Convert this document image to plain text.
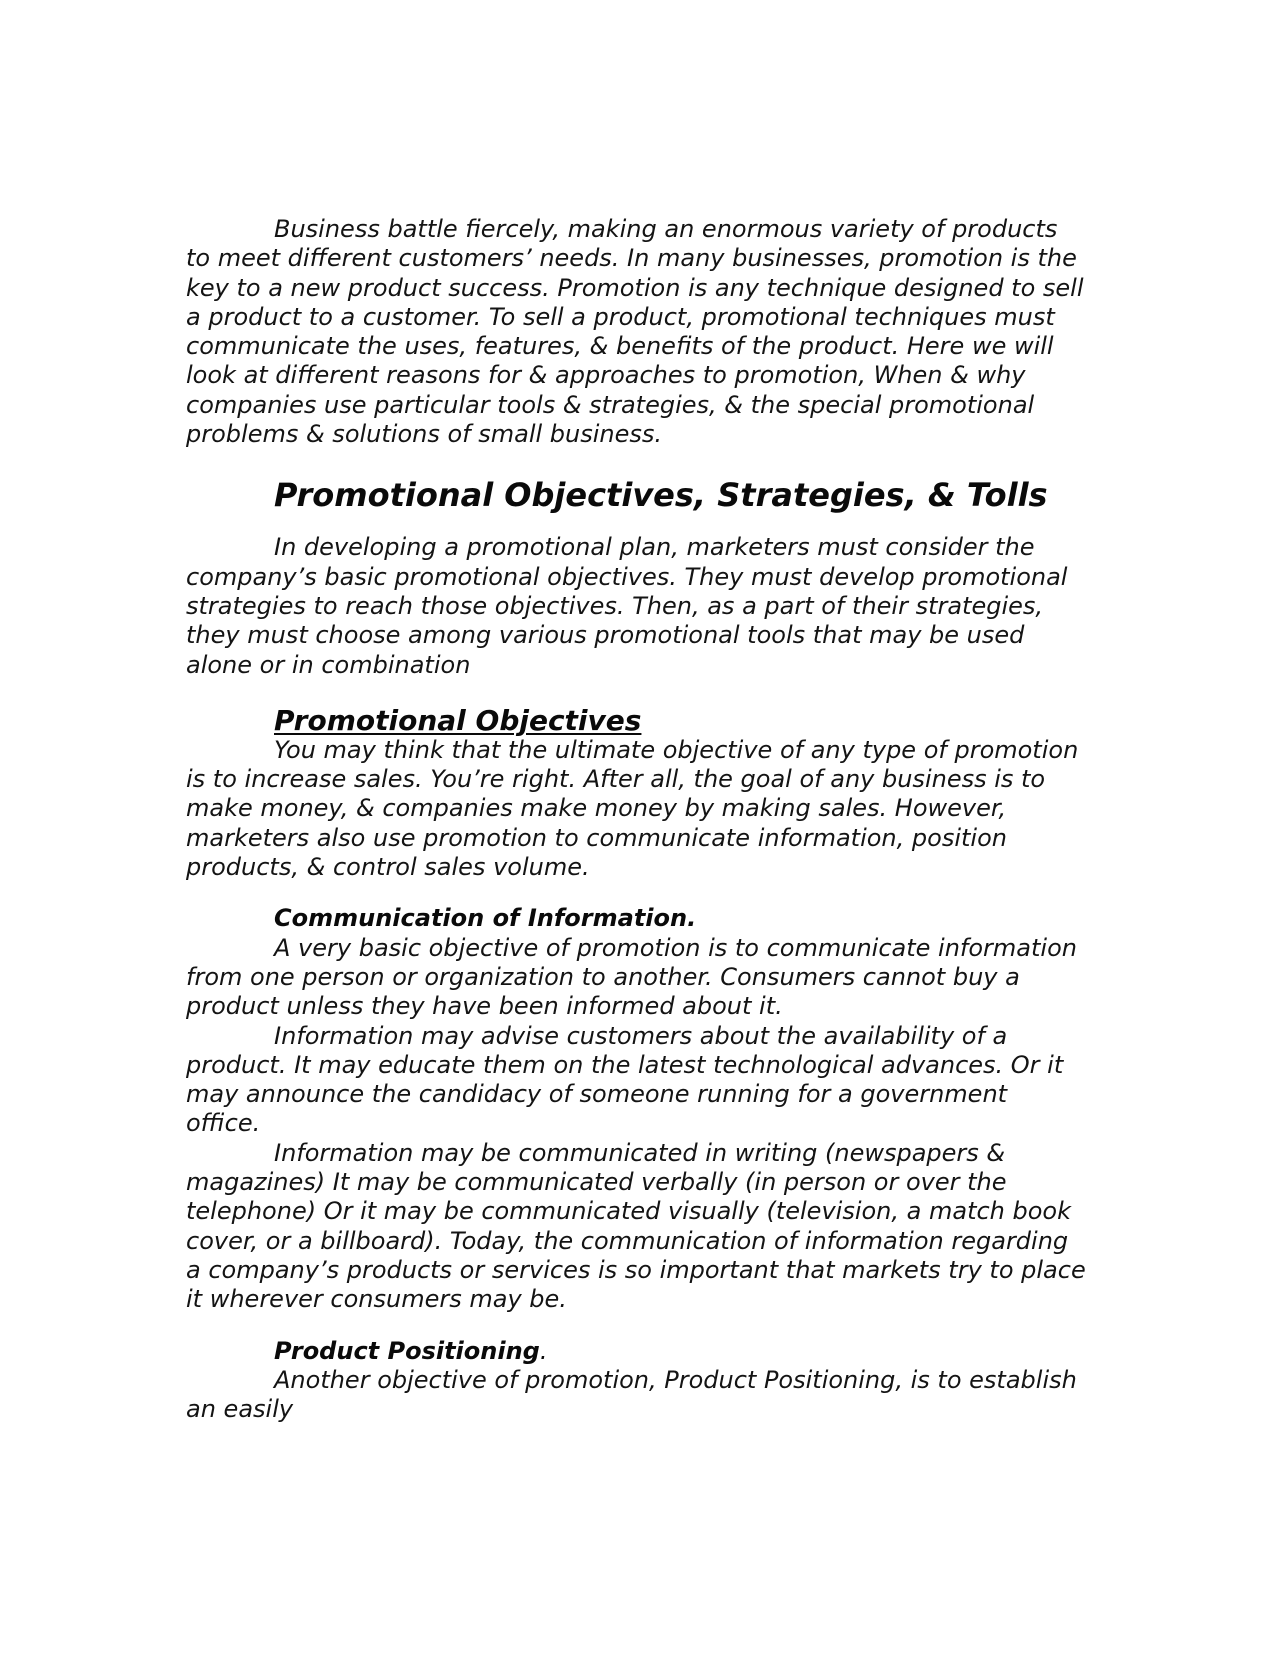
Business battle fiercely, making an enormous variety of products to meet different customers’ needs. In many businesses, promotion is the key to a new product success. Promotion is any technique designed to sell a product to a customer. To sell a product, promotional techniques must communicate the uses, features, & benefits of the product. Here we will look at different reasons for & approaches to promotion, When & why companies use particular tools & strategies, & the special promotional problems & solutions of small business.

Promotional Objectives, Strategies, & Tolls

In developing a promotional plan, marketers must consider the company’s basic promotional objectives. They must develop promotional strategies to reach those objectives. Then, as a part of their strategies, they must choose among various promotional tools that may be used alone or in combination

Promotional Objectives

You may think that the ultimate objective of any type of promotion is to increase sales. You’re right. After all, the goal of any business is to make money, & companies make money by making sales. However, marketers also use promotion to communicate information, position products, & control sales volume.

Communication of Information.

A very basic objective of promotion is to communicate information from one person or organization to another. Consumers cannot buy a product unless they have been informed about it.

Information may advise customers about the availability of a product. It may educate them on the latest technological advances. Or it may announce the candidacy of someone running for a government office.

Information may be communicated in writing (newspapers & magazines) It may be communicated verbally (in person or over the telephone) Or it may be communicated visually (television, a match book cover, or a billboard). Today, the communication of information regarding a company’s products or services is so important that markets try to place it wherever consumers may be.

Product Positioning.

Another objective of promotion, Product Positioning, is to establish an easily
